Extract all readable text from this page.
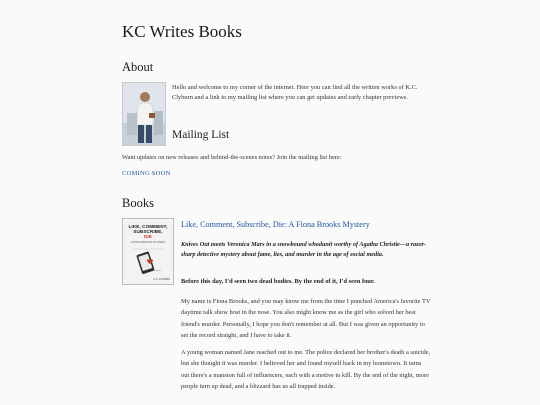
KC Writes Books
About

Hello and welcome to my corner of the internet. Here you can find all the written works of K.C. Clyburn and a link to my mailing list where you can get updates and early chapter previews.

Mailing List

Want updates on new releases and behind-the-scenes notes? Join the mailing list here:

COMING SOON
Books
LIKE, COMMENT,
SUBSCRIBE,
DIE
A FIONA BROOKS MYSTERY
K.C. CLYBURN
Like, Comment, Subscribe, Die: A Fiona Brooks Mystery

Knives Out meets Veronica Mars in a snowbound whodunit worthy of Agatha Christie—a razor-sharp detective mystery about fame, lies, and murder in the age of social media.

Before this day, I'd seen two dead bodies. By the end of it, I'd seen four.

My name is Fiona Brooks, and you may know me from the time I punched America's favorite TV daytime talk show host in the nose. You also might know me as the girl who solved her best friend's murder. Personally, I hope you don't remember at all. But I was given an opportunity to set the record straight, and I have to take it.

A young woman named Jane reached out to me. The police declared her brother's death a suicide, but she thought it was murder. I believed her and found myself back in my hometown. It turns out there's a mansion full of influencers, each with a motive to kill. By the end of the night, more people turn up dead, and a blizzard has us all trapped inside.
